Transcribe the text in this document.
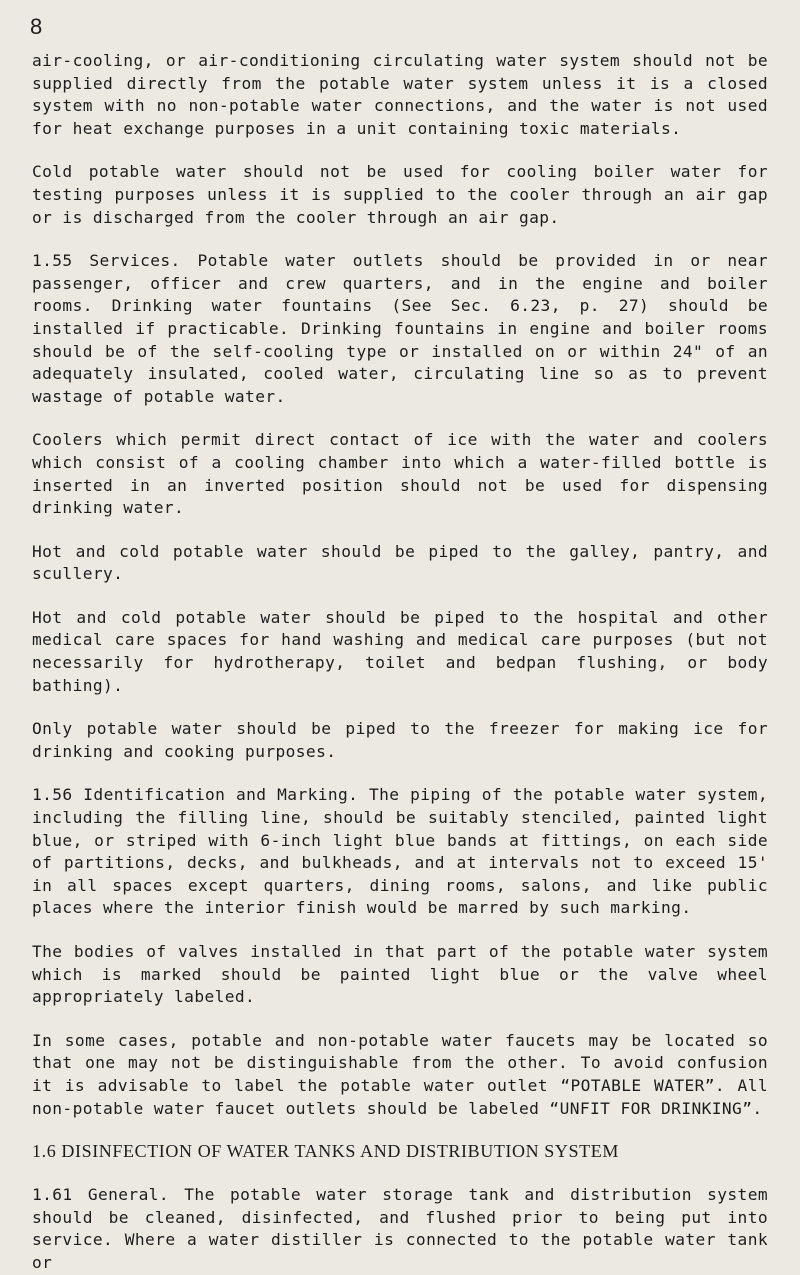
8

air-cooling, or air-conditioning circulating water system should not be supplied directly from the potable water system unless it is a closed system with no non-potable water connections, and the water is not used for heat exchange purposes in a unit containing toxic materials.

Cold potable water should not be used for cooling boiler water for testing purposes unless it is supplied to the cooler through an air gap or is discharged from the cooler through an air gap.

1.55 Services. Potable water outlets should be provided in or near passenger, officer and crew quarters, and in the engine and boiler rooms. Drinking water fountains (See Sec. 6.23, p. 27) should be installed if practicable. Drinking fountains in engine and boiler rooms should be of the self-cooling type or installed on or within 24" of an adequately insulated, cooled water, circulating line so as to prevent wastage of potable water.

Coolers which permit direct contact of ice with the water and coolers which consist of a cooling chamber into which a water-filled bottle is inserted in an inverted position should not be used for dispensing drinking water.

Hot and cold potable water should be piped to the galley, pantry, and scullery.

Hot and cold potable water should be piped to the hospital and other medical care spaces for hand washing and medical care purposes (but not necessarily for hydrotherapy, toilet and bedpan flushing, or body bathing).

Only potable water should be piped to the freezer for making ice for drinking and cooking purposes.

1.56 Identification and Marking. The piping of the potable water system, including the filling line, should be suitably stenciled, painted light blue, or striped with 6-inch light blue bands at fittings, on each side of partitions, decks, and bulkheads, and at intervals not to exceed 15' in all spaces except quarters, dining rooms, salons, and like public places where the interior finish would be marred by such marking.

The bodies of valves installed in that part of the potable water system which is marked should be painted light blue or the valve wheel appropriately labeled.

In some cases, potable and non-potable water faucets may be located so that one may not be distinguishable from the other. To avoid confusion it is advisable to label the potable water outlet “POTABLE WATER”. All non-potable water faucet outlets should be labeled “UNFIT FOR DRINKING”.

1.6 DISINFECTION OF WATER TANKS AND DISTRIBUTION SYSTEM

1.61 General. The potable water storage tank and distribution system should be cleaned, disinfected, and flushed prior to being put into service. Where a water distiller is connected to the potable water tank or
